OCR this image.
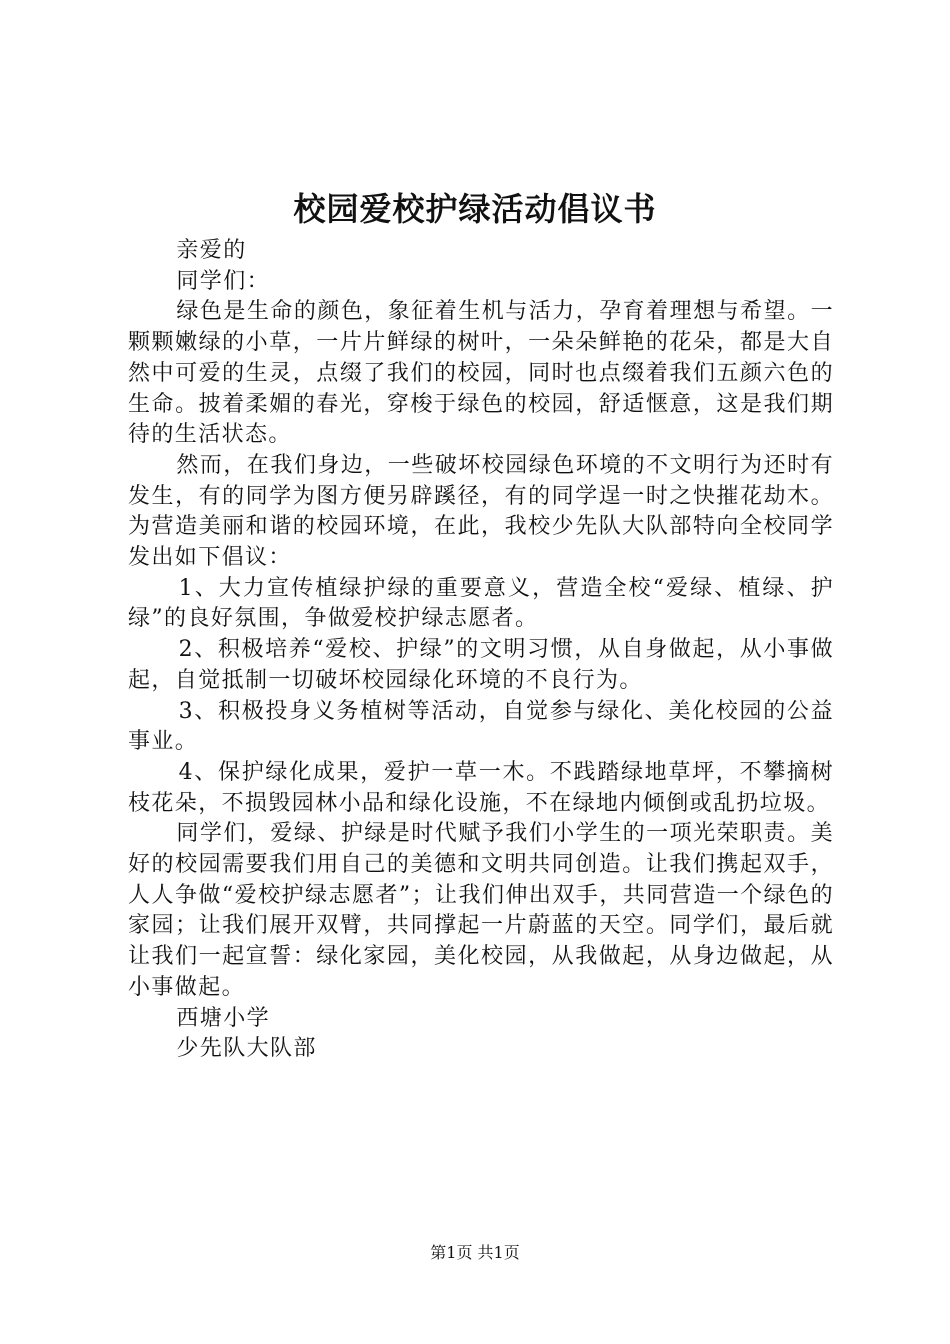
校园爱校护绿活动倡议书

亲爱的

同学们：

绿色是生命的颜色，象征着生机与活力，孕育着理想与希望。一颗颗嫩绿的小草，一片片鲜绿的树叶，一朵朵鲜艳的花朵，都是大自然中可爱的生灵，点缀了我们的校园，同时也点缀着我们五颜六色的生命。披着柔媚的春光，穿梭于绿色的校园，舒适惬意，这是我们期待的生活状态。

然而，在我们身边，一些破坏校园绿色环境的不文明行为还时有发生，有的同学为图方便另辟蹊径，有的同学逞一时之快摧花劫木。为营造美丽和谐的校园环境，在此，我校少先队大队部特向全校同学发出如下倡议：

1、大力宣传植绿护绿的重要意义，营造全校“爱绿、植绿、护绿”的良好氛围，争做爱校护绿志愿者。

2、积极培养“爱校、护绿”的文明习惯，从自身做起，从小事做起，自觉抵制一切破坏校园绿化环境的不良行为。

3、积极投身义务植树等活动，自觉参与绿化、美化校园的公益事业。

4、保护绿化成果，爱护一草一木。不践踏绿地草坪，不攀摘树枝花朵，不损毁园林小品和绿化设施，不在绿地内倾倒或乱扔垃圾。

同学们，爱绿、护绿是时代赋予我们小学生的一项光荣职责。美好的校园需要我们用自己的美德和文明共同创造。让我们携起双手，人人争做“爱校护绿志愿者”；让我们伸出双手，共同营造一个绿色的家园；让我们展开双臂，共同撑起一片蔚蓝的天空。同学们，最后就让我们一起宣誓：绿化家园，美化校园，从我做起，从身边做起，从小事做起。

西塘小学

少先队大队部

第1页 共1页
